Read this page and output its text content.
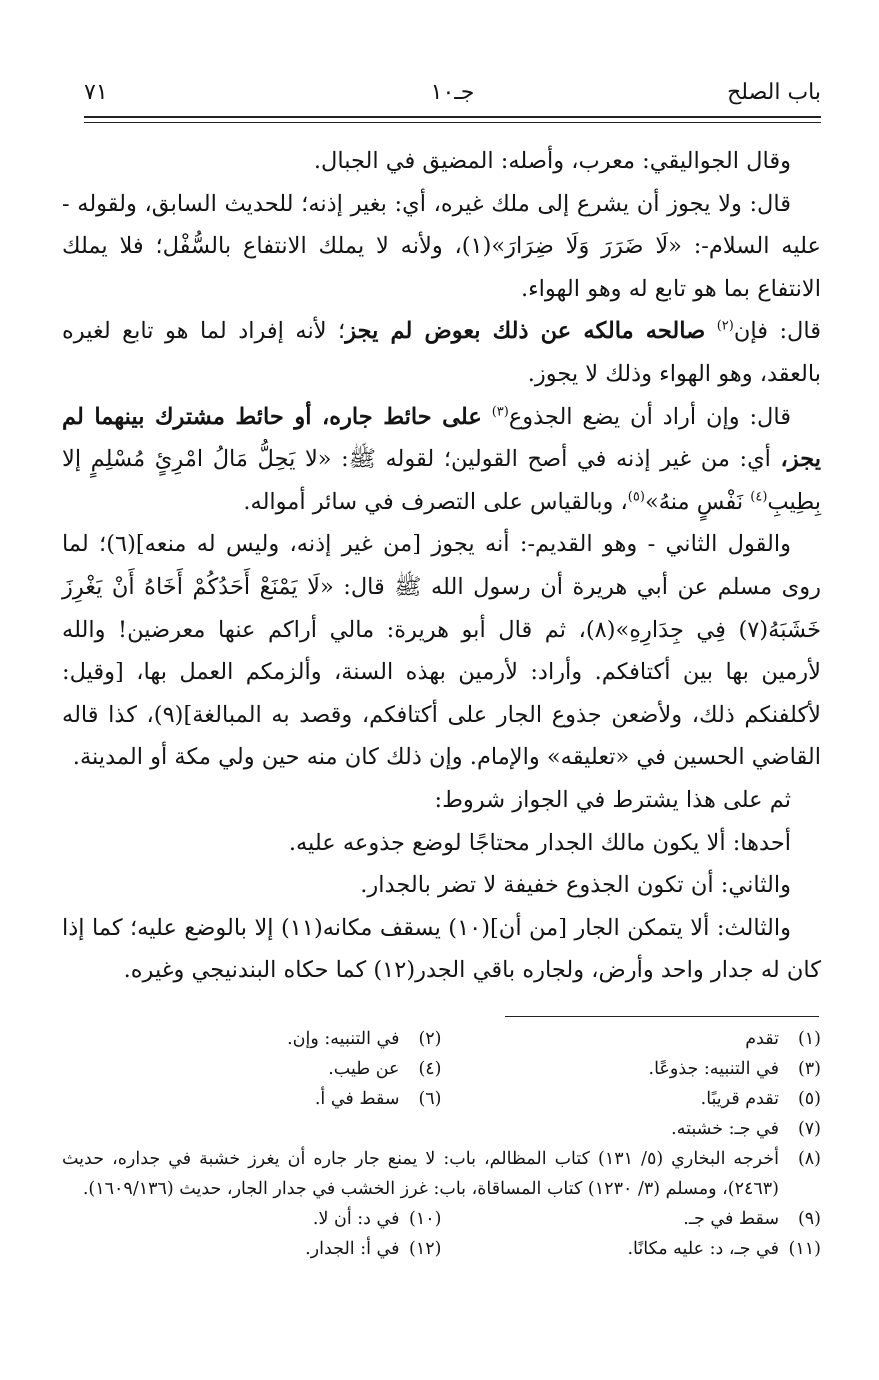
باب الصلح
جـ١٠
٧١

وقال الجواليقي: معرب، وأصله: المضيق في الجبال.

قال: ولا يجوز أن يشرع إلى ملك غيره، أي: بغير إذنه؛ للحديث السابق، ولقوله - عليه السلام-: «لَا ضَرَرَ وَلَا ضِرَارَ»(١)، ولأنه لا يملك الانتفاع بالسُّفْل؛ فلا يملك الانتفاع بما هو تابع له وهو الهواء.

قال: فإن$^{(٢)}$ صالحه مالكه عن ذلك بعوض لم يجز؛ لأنه إفراد لما هو تابع لغيره بالعقد، وهو الهواء وذلك لا يجوز.

قال: وإن أراد أن يضع الجذوع$^{(٣)}$ على حائط جاره، أو حائط مشترك بينهما لم يجز، أي: من غير إذنه في أصح القولين؛ لقوله ﷺ: «لا يَحِلُّ مَالُ امْرِئٍ مُسْلِمٍ إلا بِطِيبِ$^{(٤)}$ نَفْسٍ منهُ»$^{(٥)}$، وبالقياس على التصرف في سائر أمواله.

والقول الثاني - وهو القديم-: أنه يجوز [من غير إذنه، وليس له منعه](٦)؛ لما روى مسلم عن أبي هريرة أن رسول الله ﷺ قال: «لَا يَمْنَعْ أَحَدُكُمْ أَخَاهُ أَنْ يَغْرِزَ خَشَبَهُ(٧) فِي جِدَارِهِ»(٨)، ثم قال أبو هريرة: مالي أراكم عنها معرضين! والله لأرمين بها بين أكتافكم. وأراد: لأرمين بهذه السنة، وألزمكم العمل بها، [وقيل: لأكلفنكم ذلك، ولأضعن جذوع الجار على أكتافكم، وقصد به المبالغة](٩)، كذا قاله القاضي الحسين في «تعليقه» والإمام. وإن ذلك كان منه حين ولي مكة أو المدينة.

ثم على هذا يشترط في الجواز شروط:

أحدها: ألا يكون مالك الجدار محتاجًا لوضع جذوعه عليه.

والثاني: أن تكون الجذوع خفيفة لا تضر بالجدار.

والثالث: ألا يتمكن الجار [من أن](١٠) يسقف مكانه(١١) إلا بالوضع عليه؛ كما إذا كان له جدار واحد وأرض، ولجاره باقي الجدر(١٢) كما حكاه البندنيجي وغيره.

(١)
تقدم
(٢)
في التنبيه: وإن.
(٣)
في التنبيه: جذوعًا.
(٤)
عن طيب.
(٥)
تقدم قريبًا.
(٦)
سقط في أ.
(٧)
في جـ: خشبته.
(٨)
أخرجه البخاري (٥/ ١٣١) كتاب المظالم، باب: لا يمنع جار جاره أن يغرز خشبة في جداره، حديث (٢٤٦٣)، ومسلم (٣/ ١٢٣٠) كتاب المساقاة، باب: غرز الخشب في جدار الجار، حديث (١٦٠٩/١٣٦).
(٩)
سقط في جـ.
(١٠)
في د: أن لا.
(١١)
في جـ، د: عليه مكانًا.
(١٢)
في أ: الجدار.
